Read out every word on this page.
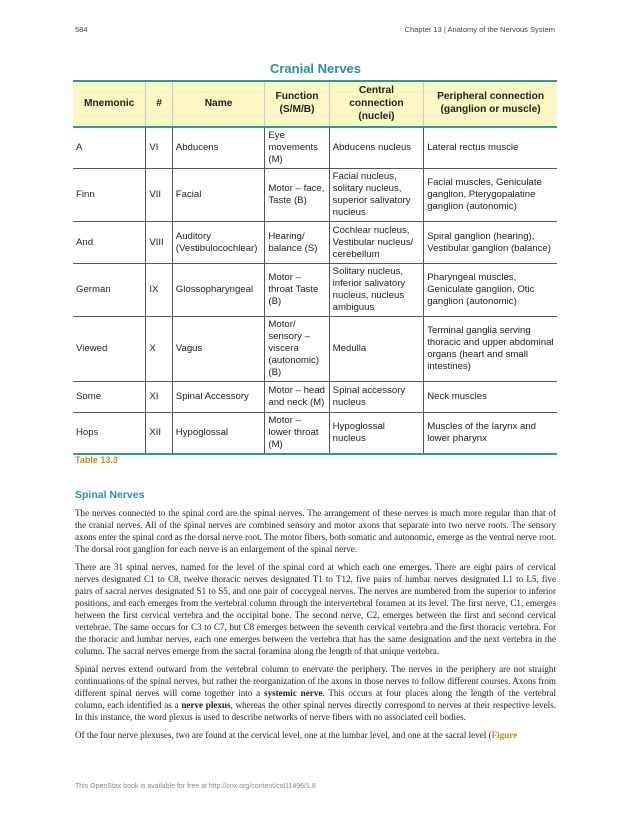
584	Chapter 13 | Anatomy of the Nervous System
Cranial Nerves
Mnemonic	#	Name	Function (S/M/B)	Central connection (nuclei)	Peripheral connection (ganglion or muscle)
A	VI	Abducens	Eye movements (M)	Abducens nucleus	Lateral rectus muscle
Finn	VII	Facial	Motor – face, Taste (B)	Facial nucleus, solitary nucleus, superior salivatory nucleus	Facial muscles, Geniculate ganglion, Pterygopalatine ganglion (autonomic)
And	VIII	Auditory (Vestibulocochlear)	Hearing/ balance (S)	Cochlear nucleus, Vestibular nucleus/ cerebellum	Spiral ganglion (hearing), Vestibular ganglion (balance)
German	IX	Glossopharyngeal	Motor – throat Taste (B)	Solitary nucleus, inferior salivatory nucleus, nucleus ambiguus	Pharyngeal muscles, Geniculate ganglion, Otic ganglion (autonomic)
Viewed	X	Vagus	Motor/ sensory – viscera (autonomic) (B)	Medulla	Terminal ganglia serving thoracic and upper abdominal organs (heart and small intestines)
Some	XI	Spinal Accessory	Motor – head and neck (M)	Spinal accessory nucleus	Neck muscles
Hops	XII	Hypoglossal	Motor – lower throat (M)	Hypoglossal nucleus	Muscles of the larynx and lower pharynx
Table 13.3
Spinal Nerves

The nerves connected to the spinal cord are the spinal nerves. The arrangement of these nerves is much more regular than that of the cranial nerves. All of the spinal nerves are combined sensory and motor axons that separate into two nerve roots. The sensory axons enter the spinal cord as the dorsal nerve root. The motor fibers, both somatic and autonomic, emerge as the ventral nerve root. The dorsal root ganglion for each nerve is an enlargement of the spinal nerve.

There are 31 spinal nerves, named for the level of the spinal cord at which each one emerges. There are eight pairs of cervical nerves designated C1 to C8, twelve thoracic nerves designated T1 to T12, five pairs of lumbar nerves designated L1 to L5, five pairs of sacral nerves designated S1 to S5, and one pair of coccygeal nerves. The nerves are numbered from the superior to inferior positions, and each emerges from the vertebral column through the intervertebral foramen at its level. The first nerve, C1, emerges between the first cervical vertebra and the occipital bone. The second nerve, C2, emerges between the first and second cervical vertebrae. The same occurs for C3 to C7, but C8 emerges between the seventh cervical vertebra and the first thoracic vertebra. For the thoracic and lumbar nerves, each one emerges between the vertebra that has the same designation and the next vertebra in the column. The sacral nerves emerge from the sacral foramina along the length of that unique vertebra.

Spinal nerves extend outward from the vertebral column to enervate the periphery. The nerves in the periphery are not straight continuations of the spinal nerves, but rather the reorganization of the axons in those nerves to follow different courses. Axons from different spinal nerves will come together into a systemic nerve. This occurs at four places along the length of the vertebral column, each identified as a nerve plexus, whereas the other spinal nerves directly correspond to nerves at their respective levels. In this instance, the word plexus is used to describe networks of nerve fibers with no associated cell bodies.

Of the four nerve plexuses, two are found at the cervical level, one at the lumbar level, and one at the sacral level (Figure

This OpenStax book is available for free at http://cnx.org/content/col11496/1.8
